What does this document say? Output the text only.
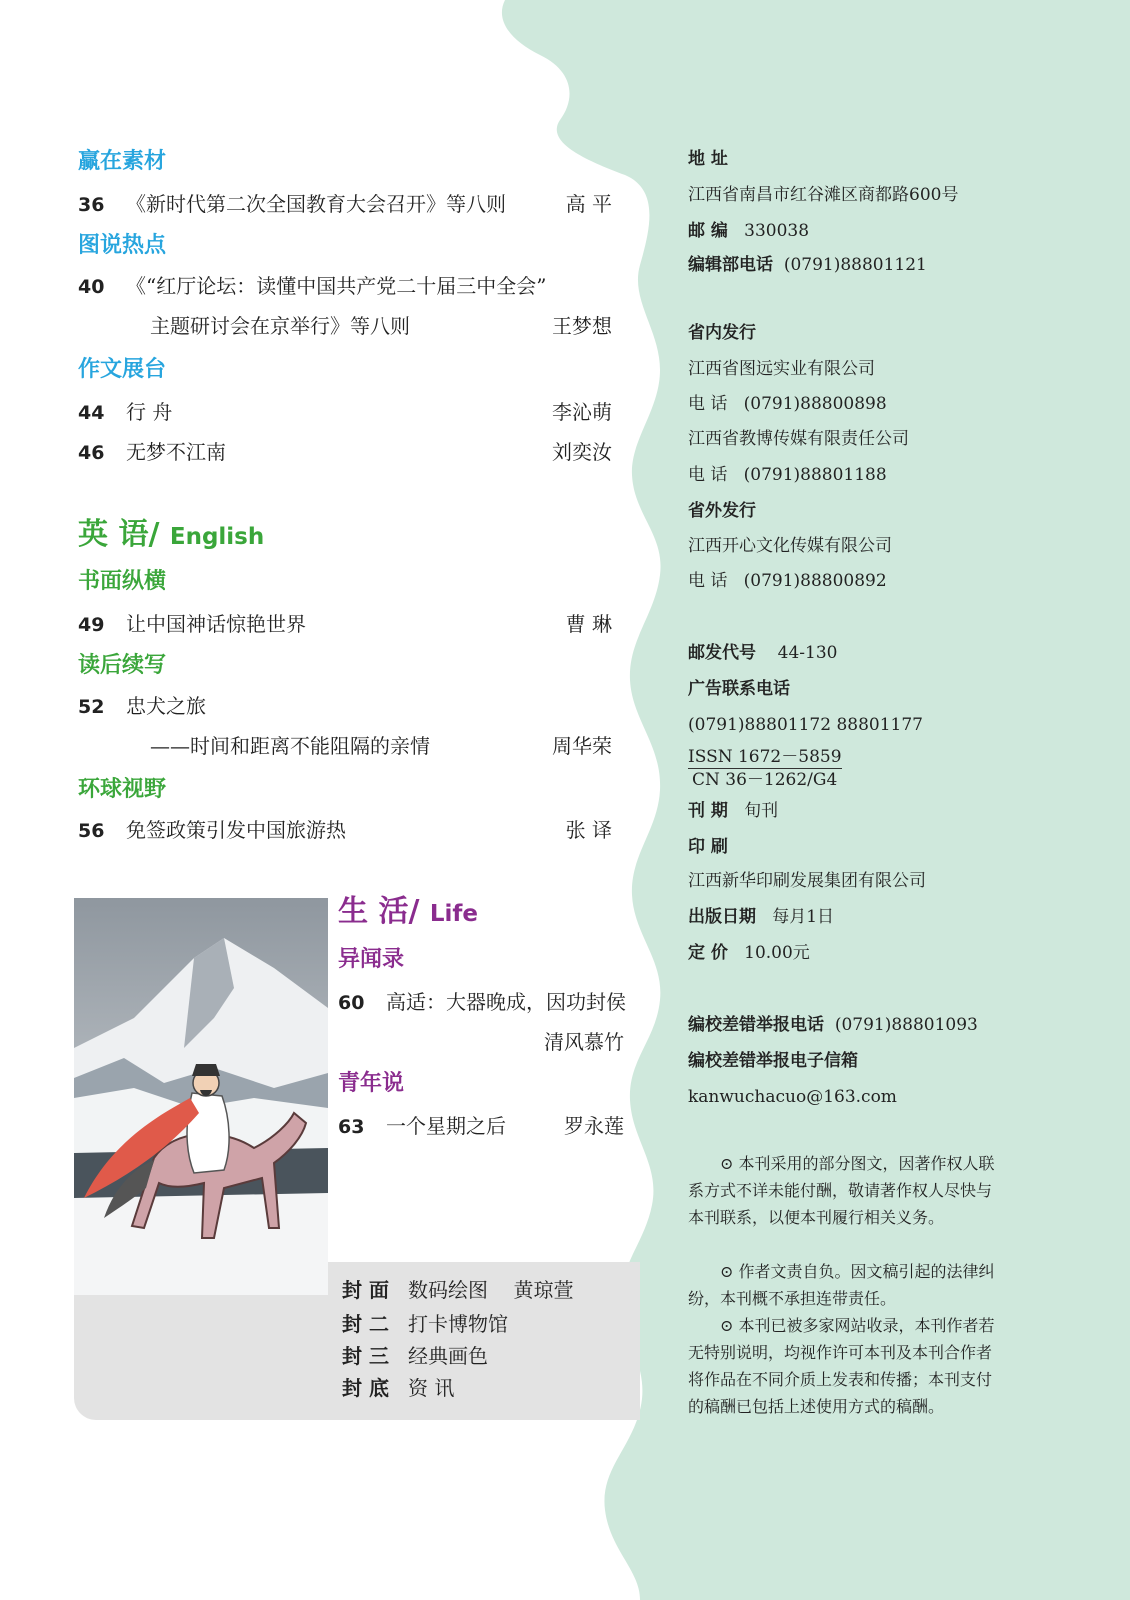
赢在素材
36 《新时代第二次全国教育大会召开》等八则	高 平
图说热点
40 《“红厅论坛：读懂中国共产党二十届三中全会”
主题研讨会在京举行》等八则	王梦想
作文展台
44 行 舟	李沁萌
46 无梦不江南	刘奕汝
英 语/ English
书面纵横
49 让中国神话惊艳世界	曹 琳
读后续写
52 忠犬之旅
——时间和距离不能阻隔的亲情	周华荣
环球视野
56 免签政策引发中国旅游热	张 译
生 活/ Life
异闻录
60 高适：大器晚成，因功封侯
清风慕竹
青年说
63 一个星期之后	罗永莲
封 面 数码绘图 黄琼萱
封 二 打卡博物馆
封 三 经典画色
封 底 资 讯
地 址
江西省南昌市红谷滩区商都路600号
邮 编 330038
编辑部电话 (0791)88801121
省内发行
江西省图远实业有限公司
电 话 (0791)88800898
江西省教博传媒有限责任公司
电 话 (0791)88801188
省外发行
江西开心文化传媒有限公司
电 话 (0791)88800892
邮发代号 44-130
广告联系电话
(0791)88801172 88801177
ISSN 1672－5859
CN 36－1262/G4
刊 期 旬刊
印 刷
江西新华印刷发展集团有限公司
出版日期 每月1日
定 价 10.00元
编校差错举报电话 (0791)88801093
编校差错举报电子信箱
kanwuchacuo@163.com
⊙ 本刊采用的部分图文，因著作权人联系方式不详未能付酬，敬请著作权人尽快与本刊联系，以便本刊履行相关义务。
⊙ 作者文责自负。因文稿引起的法律纠纷，本刊概不承担连带责任。
⊙ 本刊已被多家网站收录，本刊作者若无特别说明，均视作许可本刊及本刊合作者将作品在不同介质上发表和传播；本刊支付的稿酬已包括上述使用方式的稿酬。
